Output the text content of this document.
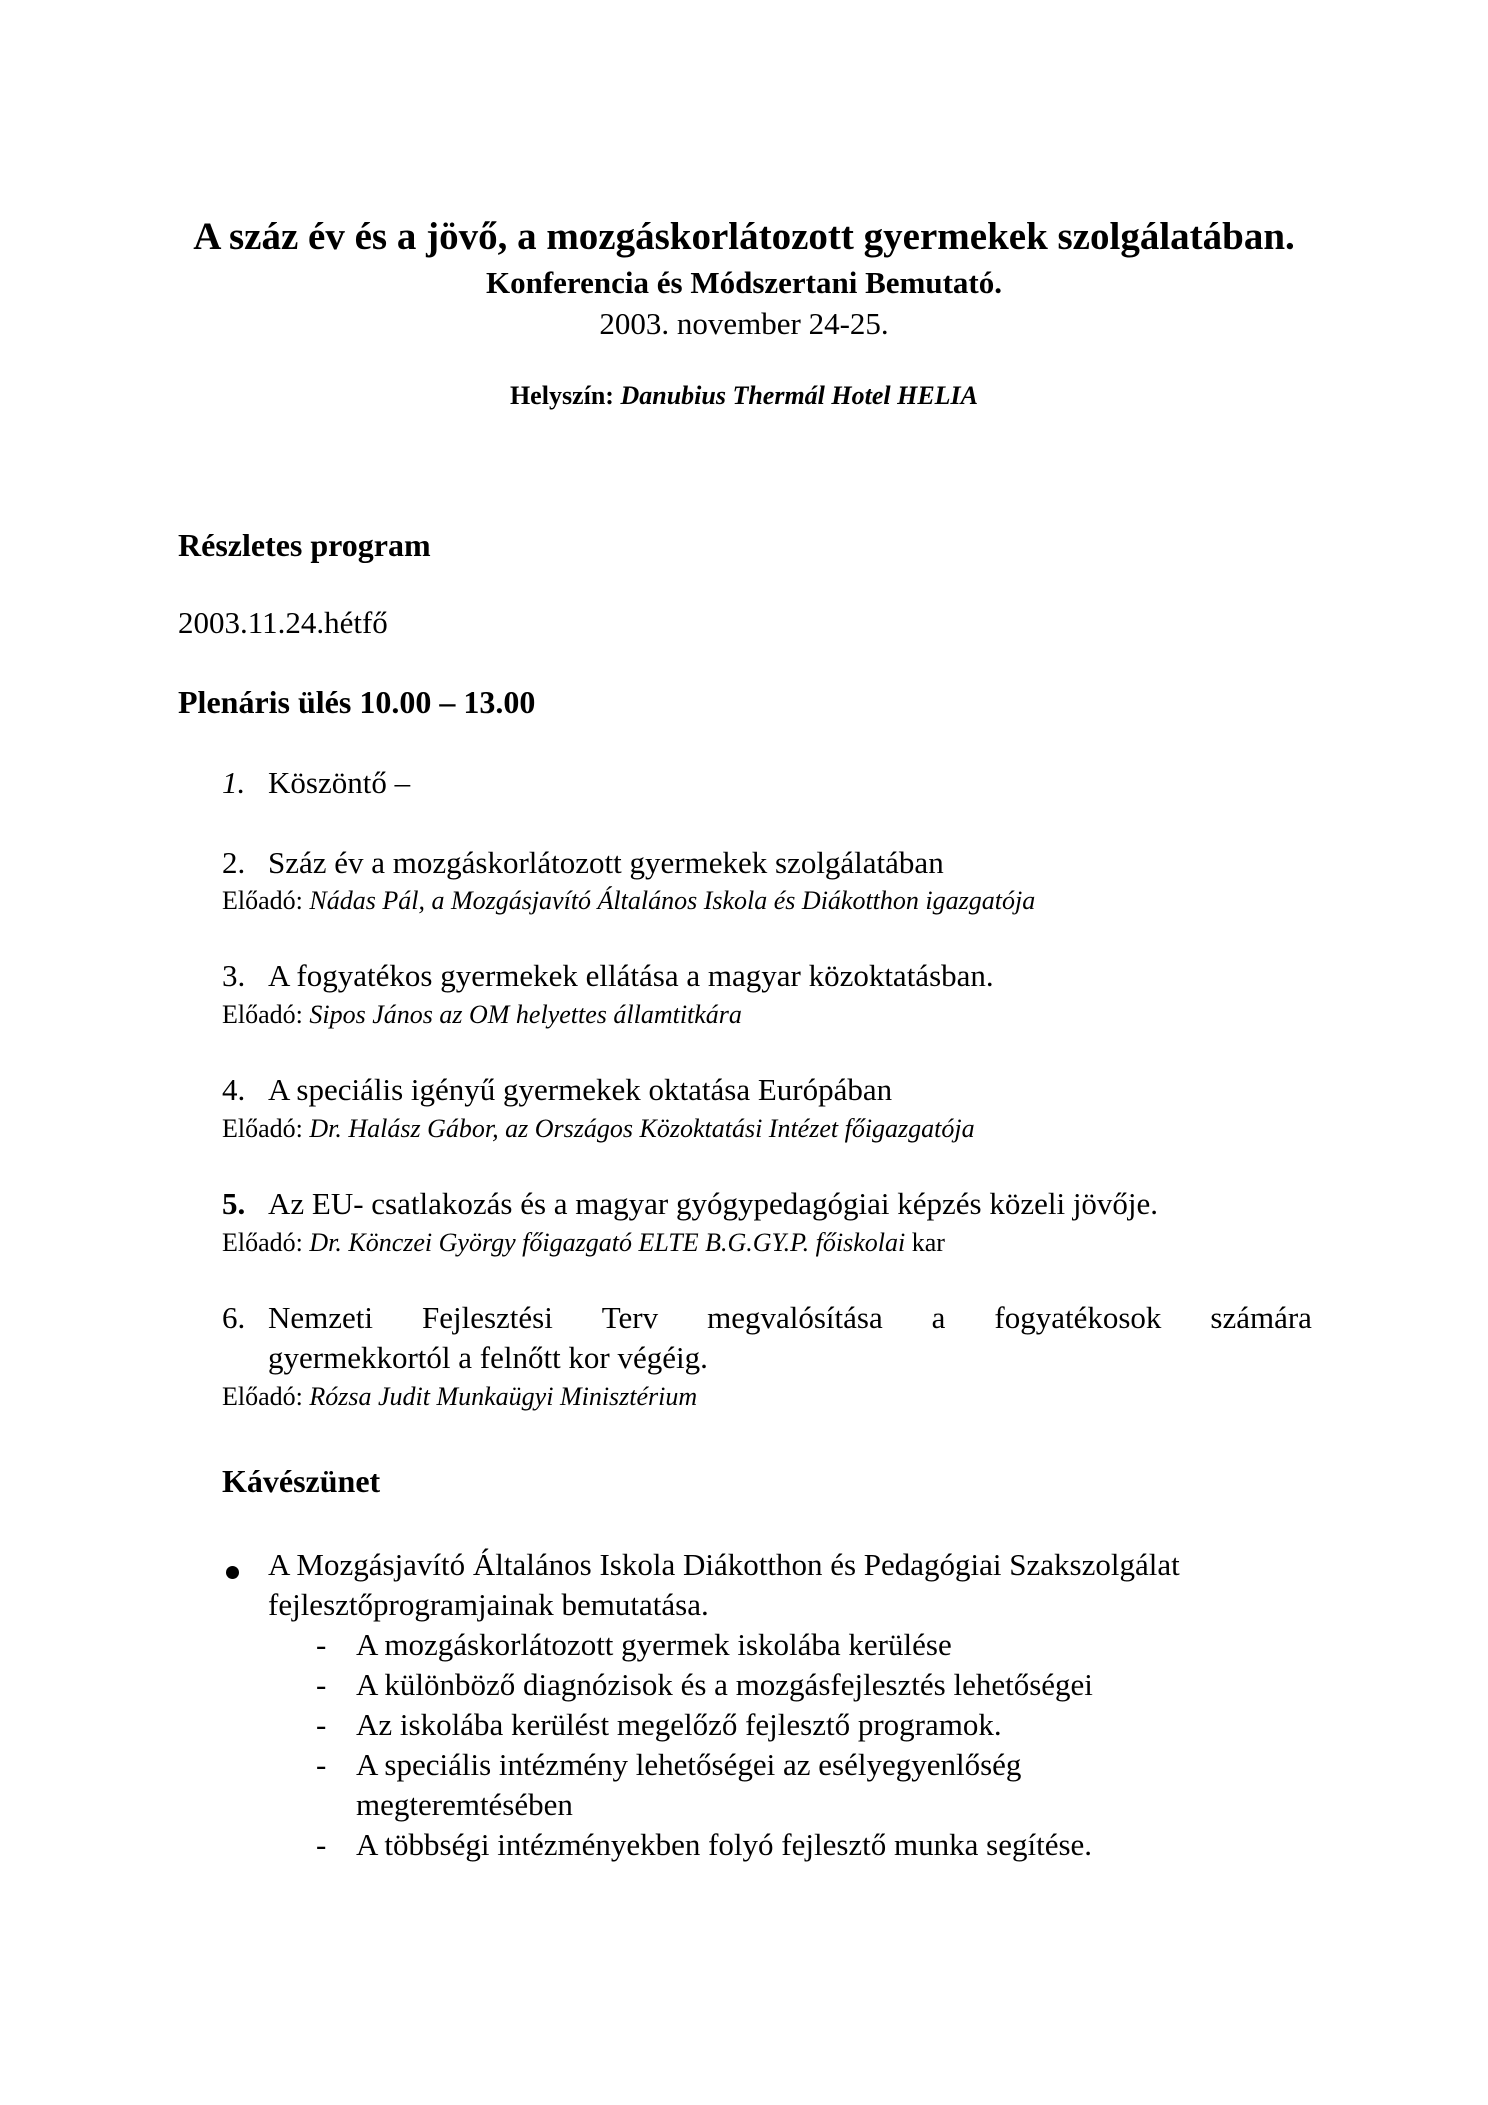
A száz év és a jövő, a mozgáskorlátozott gyermekek szolgálatában.
Konferencia és Módszertani Bemutató.
2003. november 24-25.
Helyszín: Danubius Thermál Hotel HELIA
Részletes program
2003.11.24.hétfő
Plenáris ülés 10.00 – 13.00
1. Köszöntő –
2. Száz év a mozgáskorlátozott gyermekek szolgálatában
Előadó: Nádas Pál, a Mozgásjavító Általános Iskola és Diákotthon igazgatója
3. A fogyatékos gyermekek ellátása a magyar közoktatásban.
Előadó: Sipos János az OM helyettes államtitkára
4. A speciális igényű gyermekek oktatása Európában
Előadó: Dr. Halász Gábor, az Országos Közoktatási Intézet főigazgatója
5. Az EU- csatlakozás és a magyar gyógypedagógiai képzés közeli jövője.
Előadó: Dr. Könczei György főigazgató ELTE B.G.GY.P. főiskolai kar
6. Nemzeti Fejlesztési Terv megvalósítása a fogyatékosok számára
gyermekkortól a felnőtt kor végéig.
Előadó: Rózsa Judit Munkaügyi Minisztérium
Kávészünet
A Mozgásjavító Általános Iskola Diákotthon és Pedagógiai Szakszolgálat
fejlesztőprogramjainak bemutatása.
- A mozgáskorlátozott gyermek iskolába kerülése
- A különböző diagnózisok és a mozgásfejlesztés lehetőségei
- Az iskolába kerülést megelőző fejlesztő programok.
- A speciális intézmény lehetőségei az esélyegyenlőség
megteremtésében
- A többségi intézményekben folyó fejlesztő munka segítése.
